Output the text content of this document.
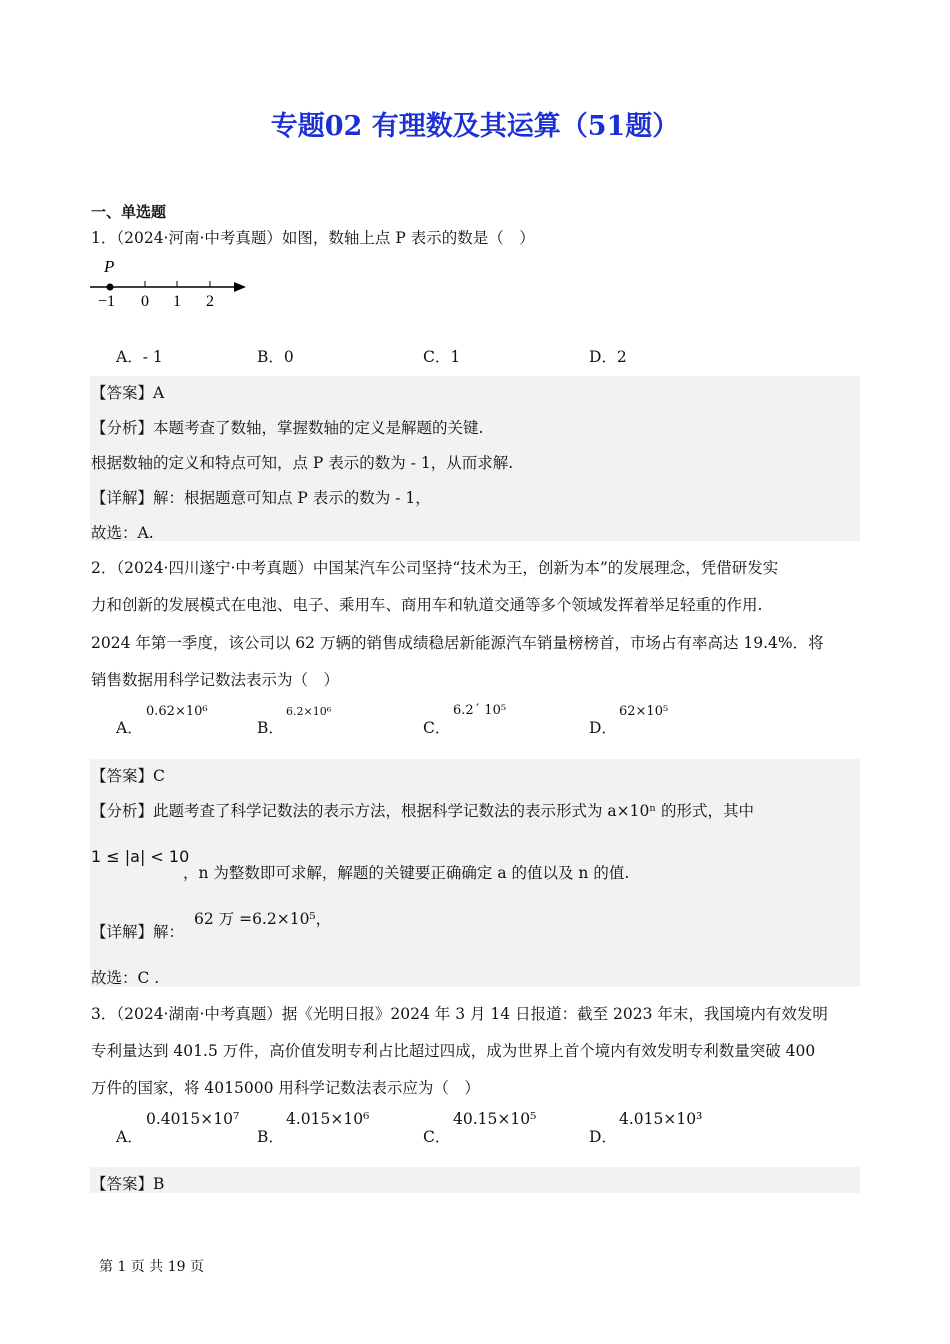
专题02 有理数及其运算（51题）
一、单选题
1．（2024·河南·中考真题）如图，数轴上点 P 表示的数是（　）
P
−1 0 1 2
A．- 1	B．0	C．1	D．2
【答案】A
【分析】本题考查了数轴，掌握数轴的定义是解题的关键.
根据数轴的定义和特点可知，点 P 表示的数为 - 1，从而求解.
【详解】解：根据题意可知点 P 表示的数为 - 1，
故选：A.
2．（2024·四川遂宁·中考真题）中国某汽车公司坚持“技术为王，创新为本”的发展理念，凭借研发实
力和创新的发展模式在电池、电子、乘用车、商用车和轨道交通等多个领域发挥着举足轻重的作用.
2024 年第一季度，该公司以 62 万辆的销售成绩稳居新能源汽车销量榜榜首，市场占有率高达 19.4%．将
销售数据用科学记数法表示为（　）
A．
0.62×10⁶
B．
6.2×10⁶
C．
6.2´ 10⁵
D．
62×10⁵
【答案】C
【分析】此题考查了科学记数法的表示方法，根据科学记数法的表示形式为 a×10ⁿ 的形式，其中
1 ≤ |a| < 10
，n 为整数即可求解，解题的关键要正确确定 a 的值以及 n 的值.
【详解】解：
62 万 =6.2×10⁵，
故选：C .
3．（2024·湖南·中考真题）据《光明日报》2024 年 3 月 14 日报道：截至 2023 年末，我国境内有效发明
专利量达到 401.5 万件，高价值发明专利占比超过四成，成为世界上首个境内有效发明专利数量突破 400
万件的国家，将 4015000 用科学记数法表示应为（　）
A．
0.4015×10⁷
B．
4.015×10⁶
C．
40.15×10⁵
D．
4.015×10³
【答案】B
第 1 页 共 19 页
